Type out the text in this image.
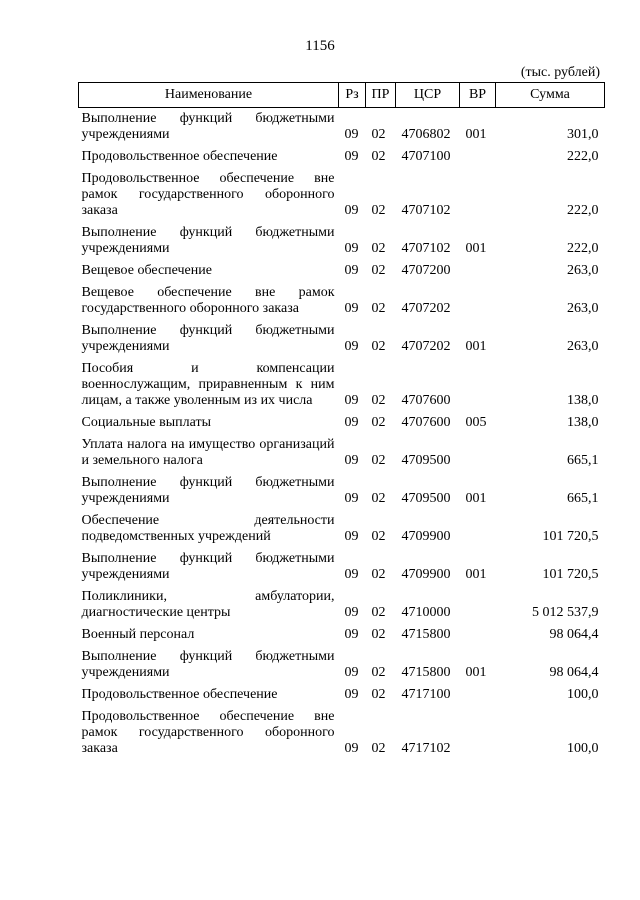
1156
(тыс. рублей)
Наименование	Рз	ПР	ЦСР	ВР	Сумма
Выполнение функций бюджетными учреждениями	09	02	4706802	001	301,0
Продовольственное обеспечение	09	02	4707100		222,0
Продовольственное обеспечение вне рамок государственного оборонного заказа	09	02	4707102		222,0
Выполнение функций бюджетными учреждениями	09	02	4707102	001	222,0
Вещевое обеспечение	09	02	4707200		263,0
Вещевое обеспечение вне рамок государственного оборонного заказа	09	02	4707202		263,0
Выполнение функций бюджетными учреждениями	09	02	4707202	001	263,0
Пособия и компенсации военнослужащим, приравненным к ним лицам, а также уволенным из их числа	09	02	4707600		138,0
Социальные выплаты	09	02	4707600	005	138,0
Уплата налога на имущество организаций и земельного налога	09	02	4709500		665,1
Выполнение функций бюджетными учреждениями	09	02	4709500	001	665,1
Обеспечение деятельности подведомственных учреждений	09	02	4709900		101 720,5
Выполнение функций бюджетными учреждениями	09	02	4709900	001	101 720,5
Поликлиники, амбулатории, диагностические центры	09	02	4710000		5 012 537,9
Военный персонал	09	02	4715800		98 064,4
Выполнение функций бюджетными учреждениями	09	02	4715800	001	98 064,4
Продовольственное обеспечение	09	02	4717100		100,0
Продовольственное обеспечение вне рамок государственного оборонного заказа	09	02	4717102		100,0
